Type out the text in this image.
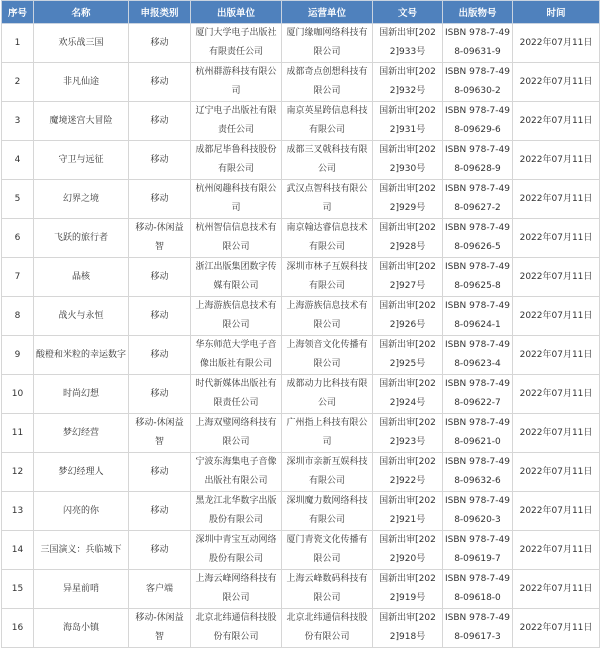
序号	名称	申报类别	出版单位	运营单位	文号	出版物号	时间
1	欢乐战三国	移动	厦门大学电子出版社有限责任公司	厦门缘咖网络科技有限公司	国新出审[2022]933号	ISBN 978-7-498-09631-9	2022年07月11日
2	非凡仙途	移动	杭州群游科技有限公司	成都奇点创想科技有限公司	国新出审[2022]932号	ISBN 978-7-498-09630-2	2022年07月11日
3	魔境迷宫大冒险	移动	辽宁电子出版社有限责任公司	南京英星跨信息科技有限公司	国新出审[2022]931号	ISBN 978-7-498-09629-6	2022年07月11日
4	守卫与远征	移动	成都尼毕鲁科技股份有限公司	成都三叉戟科技有限公司	国新出审[2022]930号	ISBN 978-7-498-09628-9	2022年07月11日
5	幻界之境	移动	杭州阅趣科技有限公司	武汉点智科技有限公司	国新出审[2022]929号	ISBN 978-7-498-09627-2	2022年07月11日
6	飞跃的旅行者	移动-休闲益智	杭州智信信息技术有限公司	南京翰达睿信息技术有限公司	国新出审[2022]928号	ISBN 978-7-498-09626-5	2022年07月11日
7	晶核	移动	浙江出版集团数字传媒有限公司	深圳市林子互娱科技有限公司	国新出审[2022]927号	ISBN 978-7-498-09625-8	2022年07月11日
8	战火与永恒	移动	上海游族信息技术有限公司	上海游族信息技术有限公司	国新出审[2022]926号	ISBN 978-7-498-09624-1	2022年07月11日
9	酸橙和米粒的幸运数字	移动	华东师范大学电子音像出版社有限公司	上海领音文化传播有限公司	国新出审[2022]925号	ISBN 978-7-498-09623-4	2022年07月11日
10	时尚幻想	移动	时代新媒体出版社有限责任公司	成都动力比科技有限公司	国新出审[2022]924号	ISBN 978-7-498-09622-7	2022年07月11日
11	梦幻经营	移动-休闲益智	上海双璧网络科技有限公司	广州指上科技有限公司	国新出审[2022]923号	ISBN 978-7-498-09621-0	2022年07月11日
12	梦幻经理人	移动	宁波东海集电子音像出版社有限公司	深圳市亲新互娱科技有限公司	国新出审[2022]922号	ISBN 978-7-498-09632-6	2022年07月11日
13	闪亮的你	移动	黑龙江北华数字出版股份有限公司	深圳魔力数网络科技有限公司	国新出审[2022]921号	ISBN 978-7-498-09620-3	2022年07月11日
14	三国演义：兵临城下	移动	深圳中青宝互动网络股份有限公司	厦门青瓷文化传播有限公司	国新出审[2022]920号	ISBN 978-7-498-09619-7	2022年07月11日
15	异星前哨	客户端	上海云峰网络科技有限公司	上海云峰数码科技有限公司	国新出审[2022]919号	ISBN 978-7-498-09618-0	2022年07月11日
16	海岛小镇	移动-休闲益智	北京北纬通信科技股份有限公司	北京北纬通信科技股份有限公司	国新出审[2022]918号	ISBN 978-7-498-09617-3	2022年07月11日
